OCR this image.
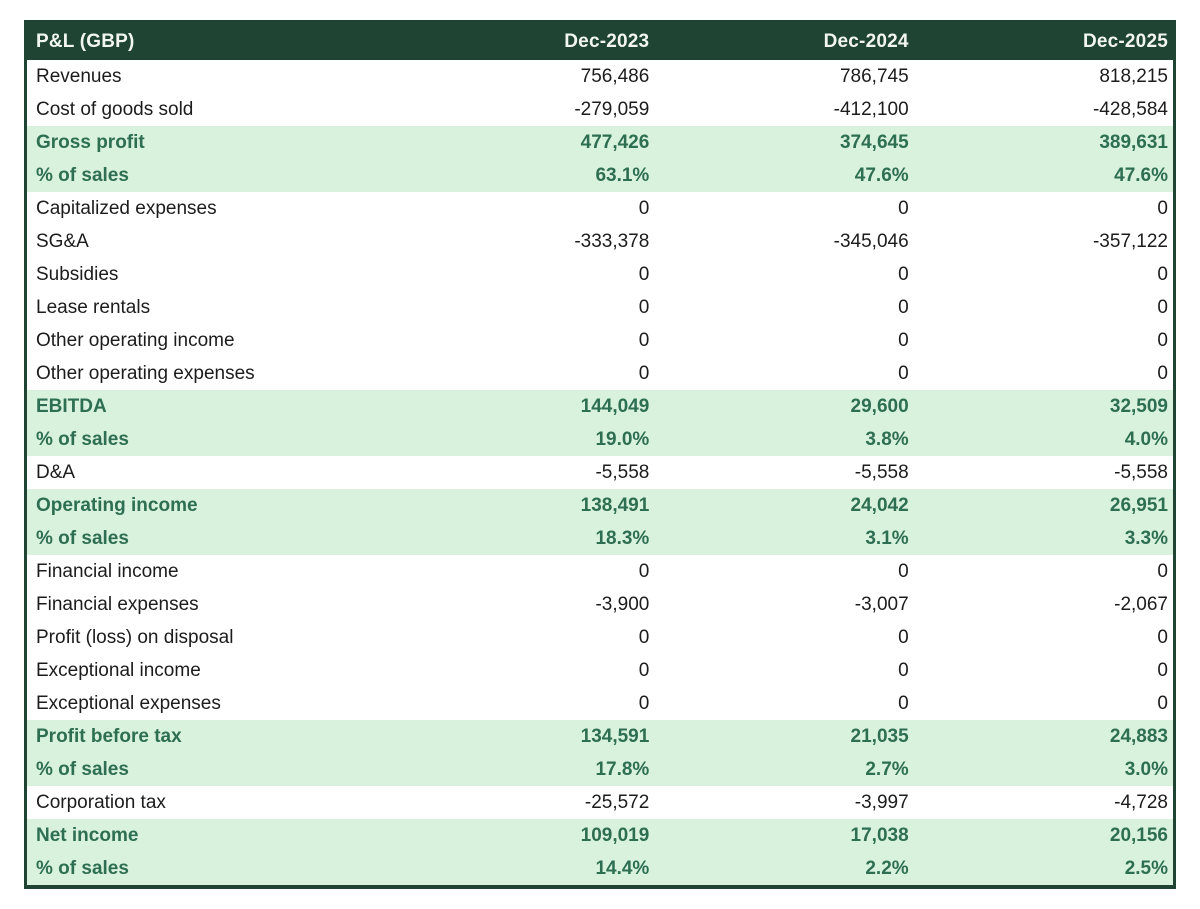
P&L (GBP)	Dec-2023	Dec-2024	Dec-2025
Revenues	756,486	786,745	818,215
Cost of goods sold	-279,059	-412,100	-428,584
Gross profit	477,426	374,645	389,631
% of sales	63.1%	47.6%	47.6%
Capitalized expenses	0	0	0
SG&A	-333,378	-345,046	-357,122
Subsidies	0	0	0
Lease rentals	0	0	0
Other operating income	0	0	0
Other operating expenses	0	0	0
EBITDA	144,049	29,600	32,509
% of sales	19.0%	3.8%	4.0%
D&A	-5,558	-5,558	-5,558
Operating income	138,491	24,042	26,951
% of sales	18.3%	3.1%	3.3%
Financial income	0	0	0
Financial expenses	-3,900	-3,007	-2,067
Profit (loss) on disposal	0	0	0
Exceptional income	0	0	0
Exceptional expenses	0	0	0
Profit before tax	134,591	21,035	24,883
% of sales	17.8%	2.7%	3.0%
Corporation tax	-25,572	-3,997	-4,728
Net income	109,019	17,038	20,156
% of sales	14.4%	2.2%	2.5%
